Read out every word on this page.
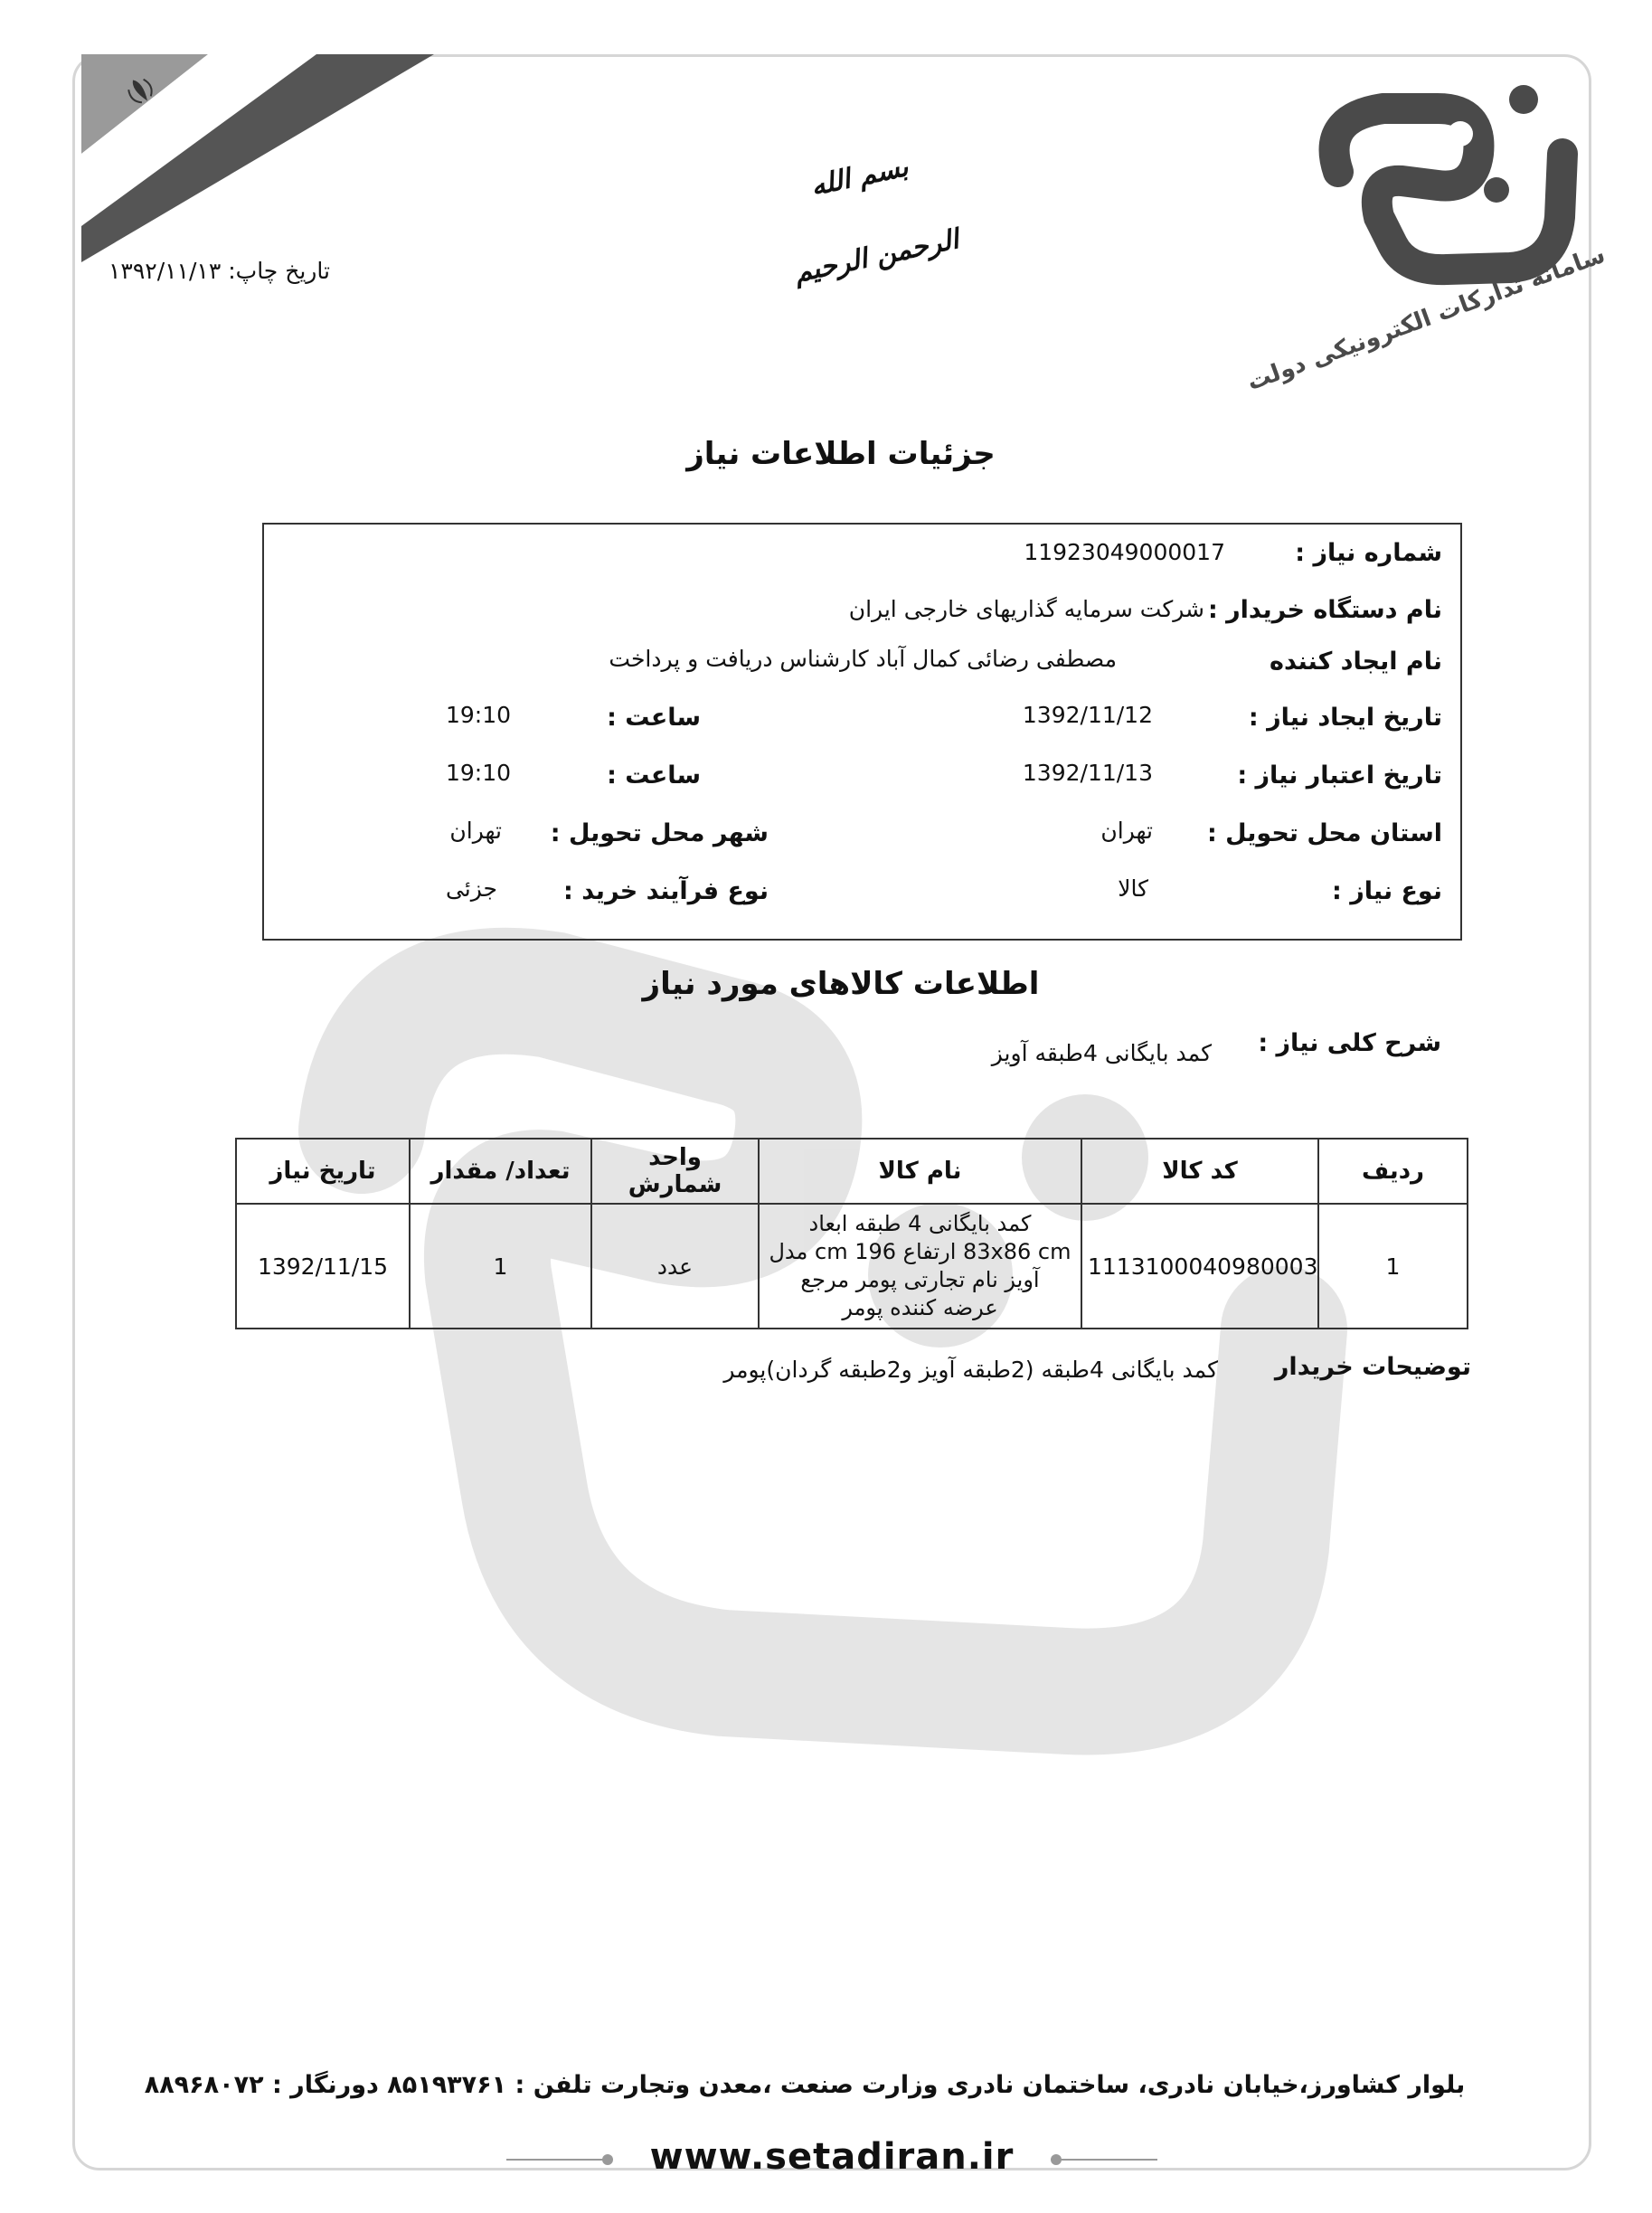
سامانه تدارکات الکترونیکی دولت
بسم الله الرحمن الرحیم
تاریخ چاپ: ۱۳۹۲/۱۱/۱۳
جزئیات اطلاعات نیاز
شماره نیاز :
11923049000017
نام دستگاه خریدار :
شرکت سرمایه گذاریهای خارجی ایران
نام ایجاد کننده
مصطفی رضائی کمال آباد کارشناس دریافت و پرداخت
تاریخ ایجاد نیاز :
1392/11/12
ساعت :
19:10
تاریخ اعتبار نیاز :
1392/11/13
ساعت :
19:10
استان محل تحویل :
تهران
شهر محل تحویل :
تهران
نوع نیاز :
کالا
نوع فرآیند خرید :
جزئی
اطلاعات کالاهای مورد نیاز
شرح کلی نیاز :
کمد بایگانی 4طبقه آویز
ردیف	کد کالا	نام کالا	واحد شمارش	تعداد/ مقدار	تاریخ نیاز
1	1113100040980003	کمد بایگانی 4 طبقه ابعاد
83x86 cm ارتفاع 196 cm مدل
آویز نام تجارتی پومر مرجع
عرضه کننده پومر	عدد	1	1392/11/15
توضیحات خریدار
کمد بایگانی 4طبقه (2طبقه آویز و2طبقه گردان)پومر
بلوار کشاورز،خیابان نادری، ساختمان نادری وزارت صنعت ،معدن وتجارت تلفن : ۸۵۱۹۳۷۶۱ دورنگار : ۸۸۹۶۸۰۷۲
www.setadiran.ir
